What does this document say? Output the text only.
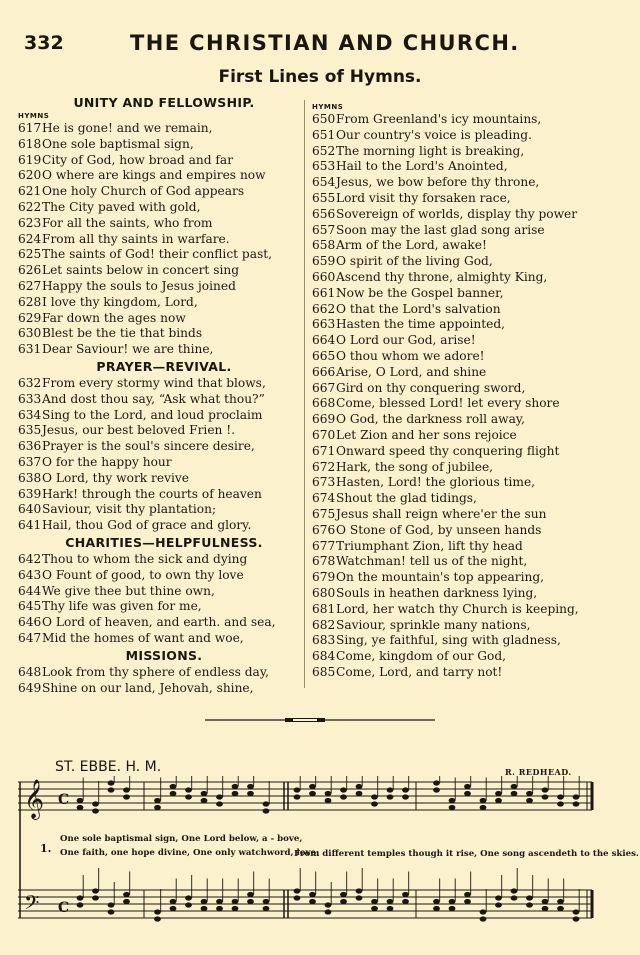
332	THE CHRISTIAN AND CHURCH.
First Lines of Hymns.
UNITY AND FELLOWSHIP.
HYMNS
617He is gone! and we remain,
618One sole baptismal sign,
619City of God, how broad and far
620O where are kings and empires now
621One holy Church of God appears
622The City paved with gold,
623For all the saints, who from
624From all thy saints in warfare.
625The saints of God! their conflict past,
626Let saints below in concert sing
627Happy the souls to Jesus joined
628I love thy kingdom, Lord,
629Far down the ages now
630Blest be the tie that binds
631Dear Saviour! we are thine,
PRAYER—REVIVAL.
632From every stormy wind that blows,
633And dost thou say, “Ask what thou?”
634Sing to the Lord, and loud proclaim
635Jesus, our best beloved Frien !.
636Prayer is the soul's sincere desire,
637O for the happy hour
638O Lord, thy work revive
639Hark! through the courts of heaven
640Saviour, visit thy plantation;
641Hail, thou God of grace and glory.
CHARITIES—HELPFULNESS.
642Thou to whom the sick and dying
643O Fount of good, to own thy love
644We give thee but thine own,
645Thy life was given for me,
646O Lord of heaven, and earth. and sea,
647Mid the homes of want and woe,
MISSIONS.
648Look from thy sphere of endless day,
649Shine on our land, Jehovah, shine,
HYMNS
650From Greenland's icy mountains,
651Our country's voice is pleading.
652The morning light is breaking,
653Hail to the Lord's Anointed,
654Jesus, we bow before thy throne,
655Lord visit thy forsaken race,
656Sovereign of worlds, display thy power
657Soon may the last glad song arise
658Arm of the Lord, awake!
659O spirit of the living God,
660Ascend thy throne, almighty King,
661Now be the Gospel banner,
662O that the Lord's salvation
663Hasten the time appointed,
664O Lord our God, arise!
665O thou whom we adore!
666Arise, O Lord, and shine
667Gird on thy conquering sword,
668Come, blessed Lord! let every shore
669O God, the darkness roll away,
670Let Zion and her sons rejoice
671Onward speed thy conquering flight
672Hark, the song of jubilee,
673Hasten, Lord! the glorious time,
674Shout the glad tidings,
675Jesus shall reign where'er the sun
676O Stone of God, by unseen hands
677Triumphant Zion, lift thy head
678Watchman! tell us of the night,
679On the mountain's top appearing,
680Souls in heathen darkness lying,
681Lord, her watch thy Church is keeping,
682Saviour, sprinkle many nations,
683Sing, ye faithful, sing with gladness,
684Come, kingdom of our God,
685Come, Lord, and tarry not!
ST. EBBE. H. M.	R. REDHEAD.
𝄞
𝄢
C
C
1.
One sole baptismal sign, One Lord below, a - bove,
One faith, one hope divine, One only watchword, love:
From different temples though it rise, One song ascendeth to the skies.
